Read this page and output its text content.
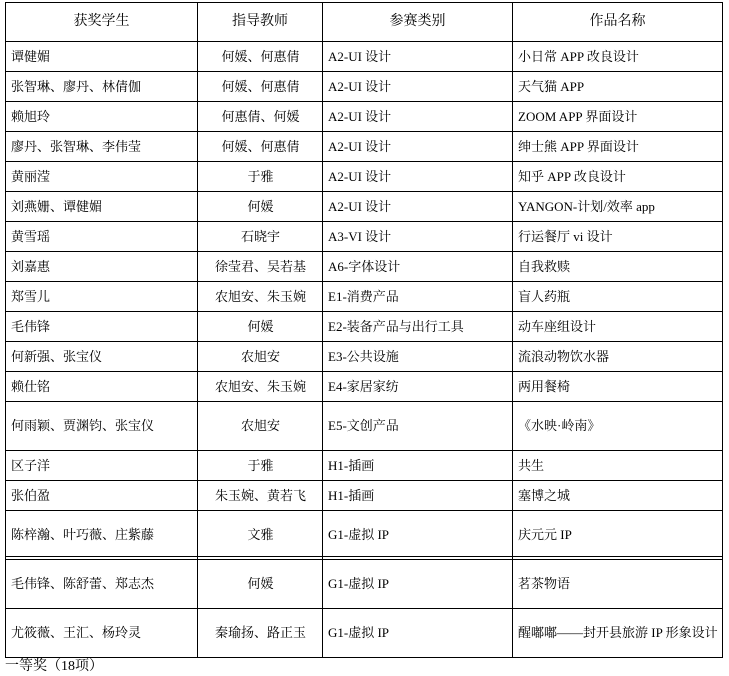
获奖学生	指导教师	参赛类别	作品名称
谭健媚	何媛、何惠倩	A2-UI 设计	小日常 APP 改良设计
张智琳、廖丹、林倩伽	何媛、何惠倩	A2-UI 设计	天气猫 APP
赖旭玲	何惠倩、何媛	A2-UI 设计	ZOOM APP 界面设计
廖丹、张智琳、李伟莹	何媛、何惠倩	A2-UI 设计	绅士熊 APP 界面设计
黄丽滢	于雅	A2-UI 设计	知乎 APP 改良设计
刘燕姗、谭健媚	何媛	A2-UI 设计	YANGON-计划/效率 app
黄雪瑶	石晓宇	A3-VI 设计	行运餐厅 vi 设计
刘嘉惠	徐莹君、吴若基	A6-字体设计	自我救赎
郑雪儿	农旭安、朱玉婉	E1-消费产品	盲人药瓶
毛伟锋	何媛	E2-装备产品与出行工具	动车座组设计
何新强、张宝仪	农旭安	E3-公共设施	流浪动物饮水器
赖仕铭	农旭安、朱玉婉	E4-家居家纺	两用餐椅
何雨颖、贾渊钧、张宝仪	农旭安	E5-文创产品	《水映·岭南》
区子洋	于雅	H1-插画	共生
张伯盈	朱玉婉、黄若飞	H1-插画	塞博之城
陈梓瀚、叶巧薇、庄紫藤	文雅	G1-虚拟 IP	庆元元 IP
毛伟锋、陈舒蕾、郑志杰	何媛	G1-虚拟 IP	茗茶物语
尤筱薇、王汇、杨玲灵	秦瑜扬、路正玉	G1-虚拟 IP	醒嘟嘟——封开县旅游 IP 形象设计
一等奖（18项）
